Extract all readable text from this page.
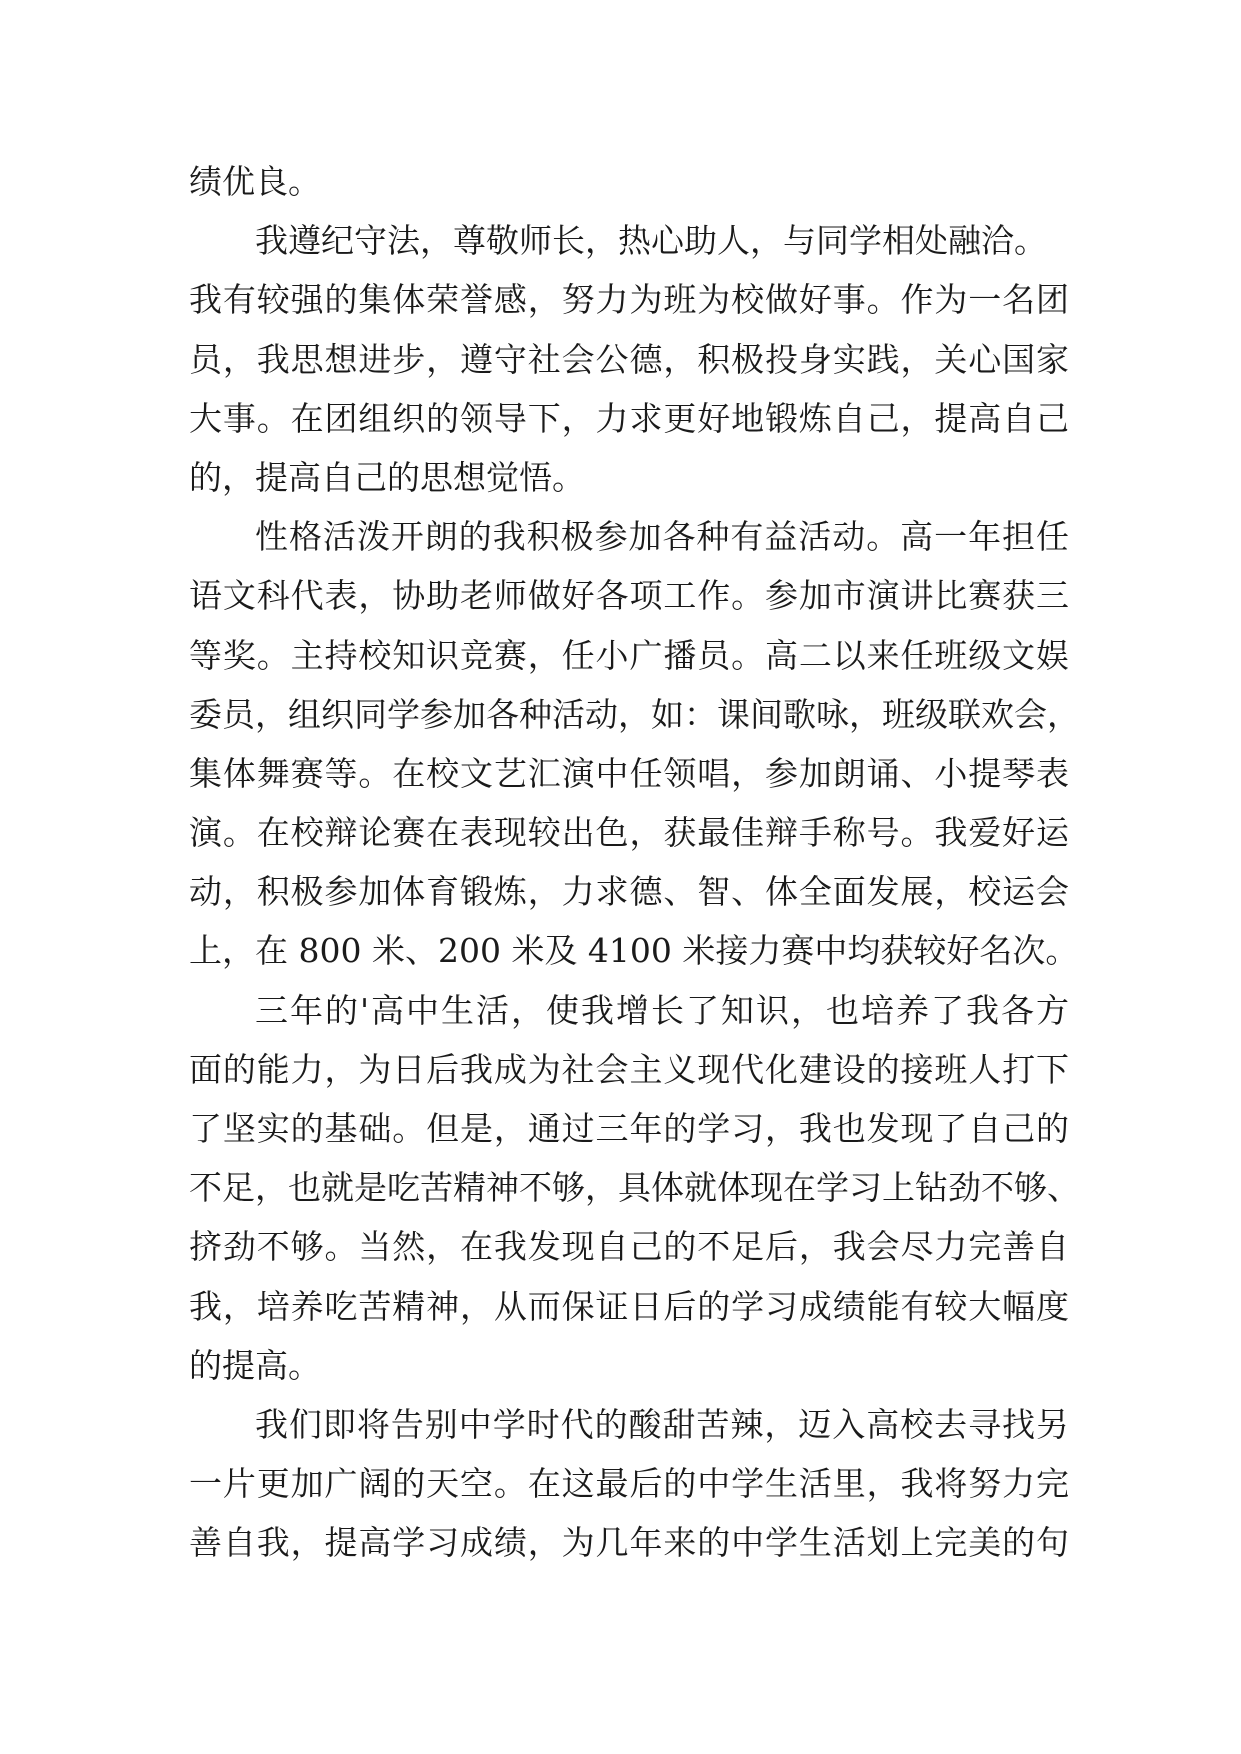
绩优良。
我遵纪守法，尊敬师长，热心助人，与同学相处融洽。
我有较强的集体荣誉感，努力为班为校做好事。作为一名团
员，我思想进步，遵守社会公德，积极投身实践，关心国家
大事。在团组织的领导下，力求更好地锻炼自己，提高自己
的，提高自己的思想觉悟。
性格活泼开朗的我积极参加各种有益活动。高一年担任
语文科代表，协助老师做好各项工作。参加市演讲比赛获三
等奖。主持校知识竞赛，任小广播员。高二以来任班级文娱
委员，组织同学参加各种活动，如：课间歌咏，班级联欢会，
集体舞赛等。在校文艺汇演中任领唱，参加朗诵、小提琴表
演。在校辩论赛在表现较出色，获最佳辩手称号。我爱好运
动，积极参加体育锻炼，力求德、智、体全面发展，校运会
上，在 800 米、200 米及 4100 米接力赛中均获较好名次。
三年的'高中生活，使我增长了知识，也培养了我各方
面的能力，为日后我成为社会主义现代化建设的接班人打下
了坚实的基础。但是，通过三年的学习，我也发现了自己的
不足，也就是吃苦精神不够，具体就体现在学习上钻劲不够、
挤劲不够。当然，在我发现自己的不足后，我会尽力完善自
我，培养吃苦精神，从而保证日后的学习成绩能有较大幅度
的提高。
我们即将告别中学时代的酸甜苦辣，迈入高校去寻找另
一片更加广阔的天空。在这最后的中学生活里，我将努力完
善自我，提高学习成绩，为几年来的中学生活划上完美的句
